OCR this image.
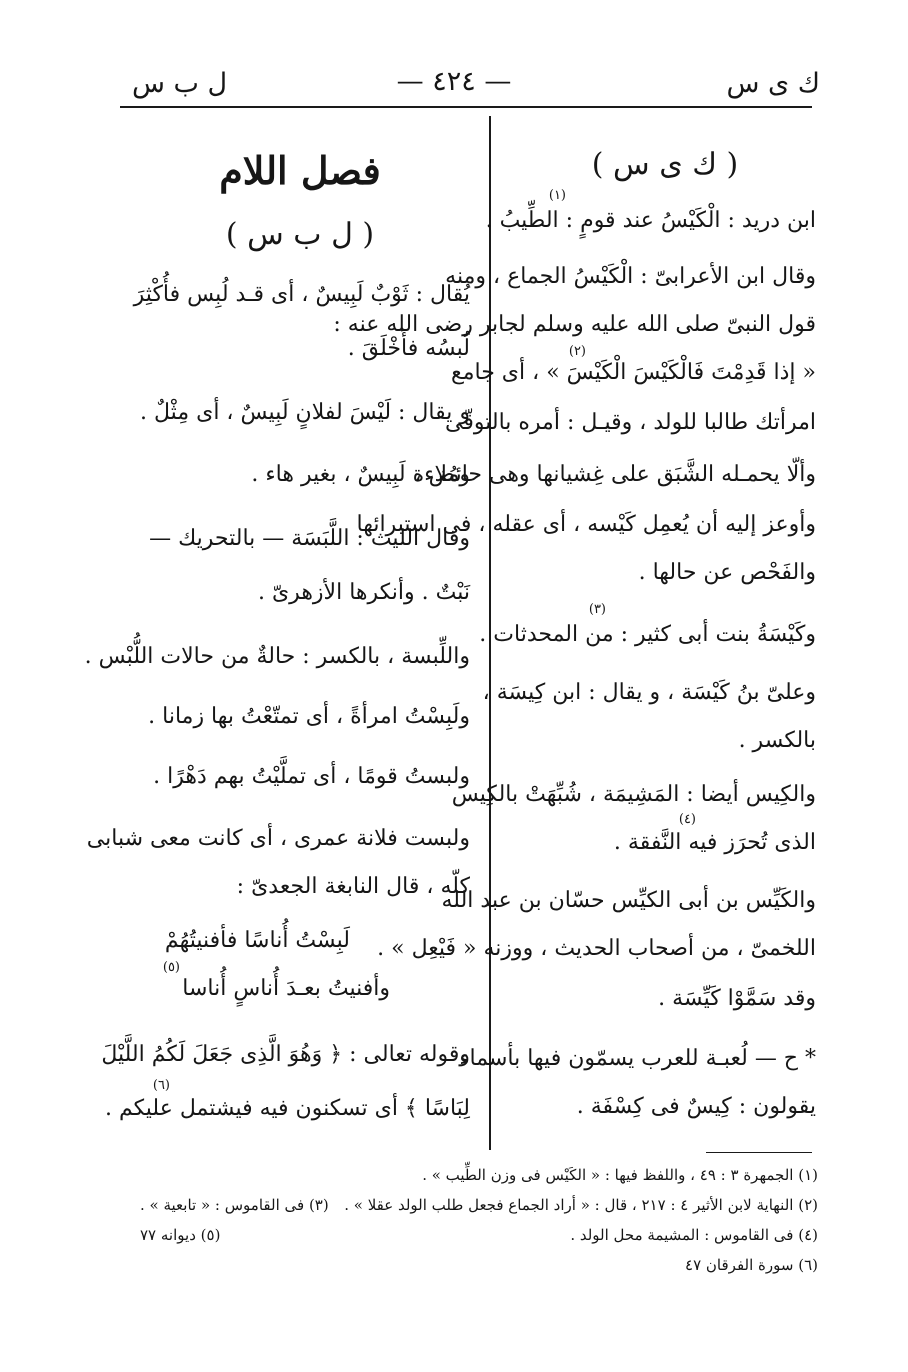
ك ى س
— ٤٢٤ —
ل ب س
( ك ى س )
ابن دريد : الْكَيْسُ عند قومٍ : الطِّيبُ .
وقال ابن الأعرابىّ : الْكَيْسُ الجماع ، ومنه
قول النبىّ صلى الله عليه وسلم لجابر رضى الله عنه :
« إذا قَدِمْتَ فَالْكَيْسَ الْكَيْسَ » ، أى جامع
امرأتك طالبا للولد ، وقيـل : أمره بالتوقّى
وألّا يحمـله الشَّبَق على غِشيانها وهى حائض ،
وأوعز إليه أن يُعمِل كَيْسه ، أى عقله ، فى استبرائها
والفَحْص عن حالها .
وكَيْسَةُ بنت أبى كثير : من المحدثات .
وعلىّ بنُ كَيْسَة ، و يقال : ابن كِيسَة ،
بالكسر .
والكِيس أيضا : المَشِيمَة ، شُبِّهَتْ بالكِيس
الذى تُحرَز فيه النَّفقة .
والكَيِّس بن أبى الكيِّس حسّان بن عبد الله
اللخمىّ ، من أصحاب الحديث ، ووزنه « فَيْعِل » .
وقد سَمَّوْا كَيِّسَة .
* ح — لُعبـة للعرب يسمّون فيها بأسماء
يقولون : كِيسٌ فى كِسْفَة .
(١)
(٢)
(٣)
(٤)
فصل اللام
( ل ب س )
يُقال : ثَوْبٌ لَبِيسٌ ، أى قـد لُبِس فأُكْثِرَ
لُبسُه فأَخْلَقَ .
و يقال : لَيْسَ لفلانٍ لَبِيسٌ ، أى مِثْلٌ .
ومُلاءة لَبِيسٌ ، بغير هاء .
وقال الليث : اللَّبَسَة — بالتحريك —
نَبْتٌ . وأنكرها الأزهرىّ .
واللِّبسة ، بالكسر : حالةٌ من حالات اللُّبْس .
ولَبِسْتُ امرأةً ، أى تمتّعْتُ بها زمانا .
ولبستُ قومًا ، أى تملَّيْتُ بهم دَهْرًا .
ولبست فلانة عمرى ، أى كانت معى شبابى
كلّه ، قال النابغة الجعدىّ :
لَبِسْتُ أُناسًا فأفنيتُهُمْ
وأفنيتُ بعـدَ أُناسٍ أُناسا
وقوله تعالى : ﴿ وَهُوَ الَّذِى جَعَلَ لَكُمُ اللَّيْلَ
لِبَاسًا ﴾ أى تسكنون فيه فيشتمل عليكم .
(٥)
(٦)
(١) الجمهرة ٣ : ٤٩ ، واللفظ فيها : « الكَيْس فى وزن الطِّيب » .
(٢) النهاية لابن الأثير ٤ : ٢١٧ ، قال : « أراد الجماع فجعل طلب الولد عقلا » .
(٤) فى القاموس : المشيمة محل الولد .
(٦) سورة الفرقان ٤٧
(٣) فى القاموس : « تابعية » .
(٥) ديوانه ٧٧
